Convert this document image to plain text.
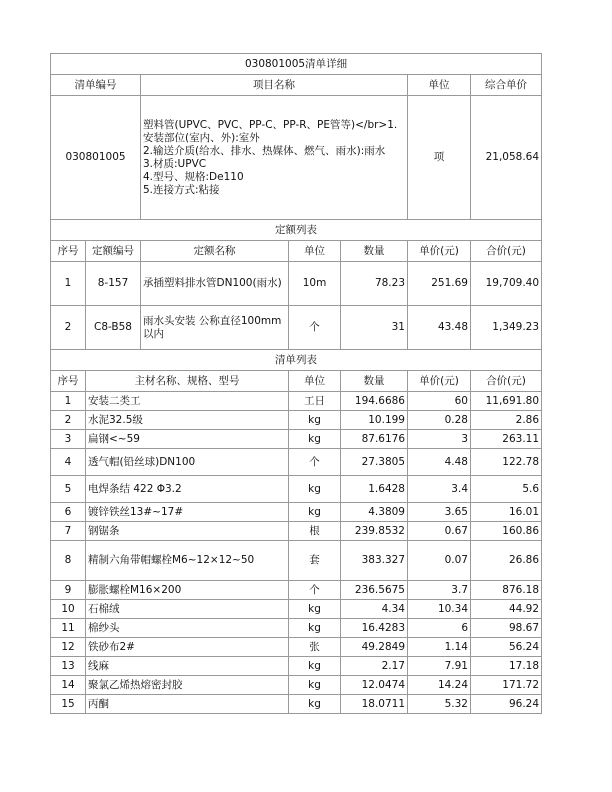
030801005清单详细						
清单编号		项目名称			单位	综合单价
030801005		塑料管(UPVC、PVC、PP-C、PP-R、PE管等)</br>1.安装部位(室内、外):室外
2.输送介质(给水、排水、热媒体、燃气、雨水):雨水
3.材质:UPVC
4.型号、规格:De110
5.连接方式:粘接			项	21,058.64
定额列表						
序号	定额编号	定额名称	单位	数量	单价(元)	合价(元)
1	8-157	承插塑料排水管DN100(雨水)	10m	78.23	251.69	19,709.40
2	C8-B58	雨水头安装 公称直径100mm以内	个	31	43.48	1,349.23
清单列表						
序号	主材名称、规格、型号		单位	数量	单价(元)	合价(元)
1	安装二类工		工日	194.6686	60	11,691.80
2	水泥32.5级		kg	10.199	0.28	2.86
3	扁钢<~59		kg	87.6176	3	263.11
4	透气帽(铅丝球)DN100		个	27.3805	4.48	122.78
5	电焊条结 422 Φ3.2		kg	1.6428	3.4	5.6
6	镀锌铁丝13#~17#		kg	4.3809	3.65	16.01
7	钢锯条		根	239.8532	0.67	160.86
8	精制六角带帽螺栓M6~12×12~50		套	383.327	0.07	26.86
9	膨胀螺栓M16×200		个	236.5675	3.7	876.18
10	石棉绒		kg	4.34	10.34	44.92
11	棉纱头		kg	16.4283	6	98.67
12	铁砂布2#		张	49.2849	1.14	56.24
13	线麻		kg	2.17	7.91	17.18
14	聚氯乙烯热熔密封胶		kg	12.0474	14.24	171.72
15	丙酮		kg	18.0711	5.32	96.24
